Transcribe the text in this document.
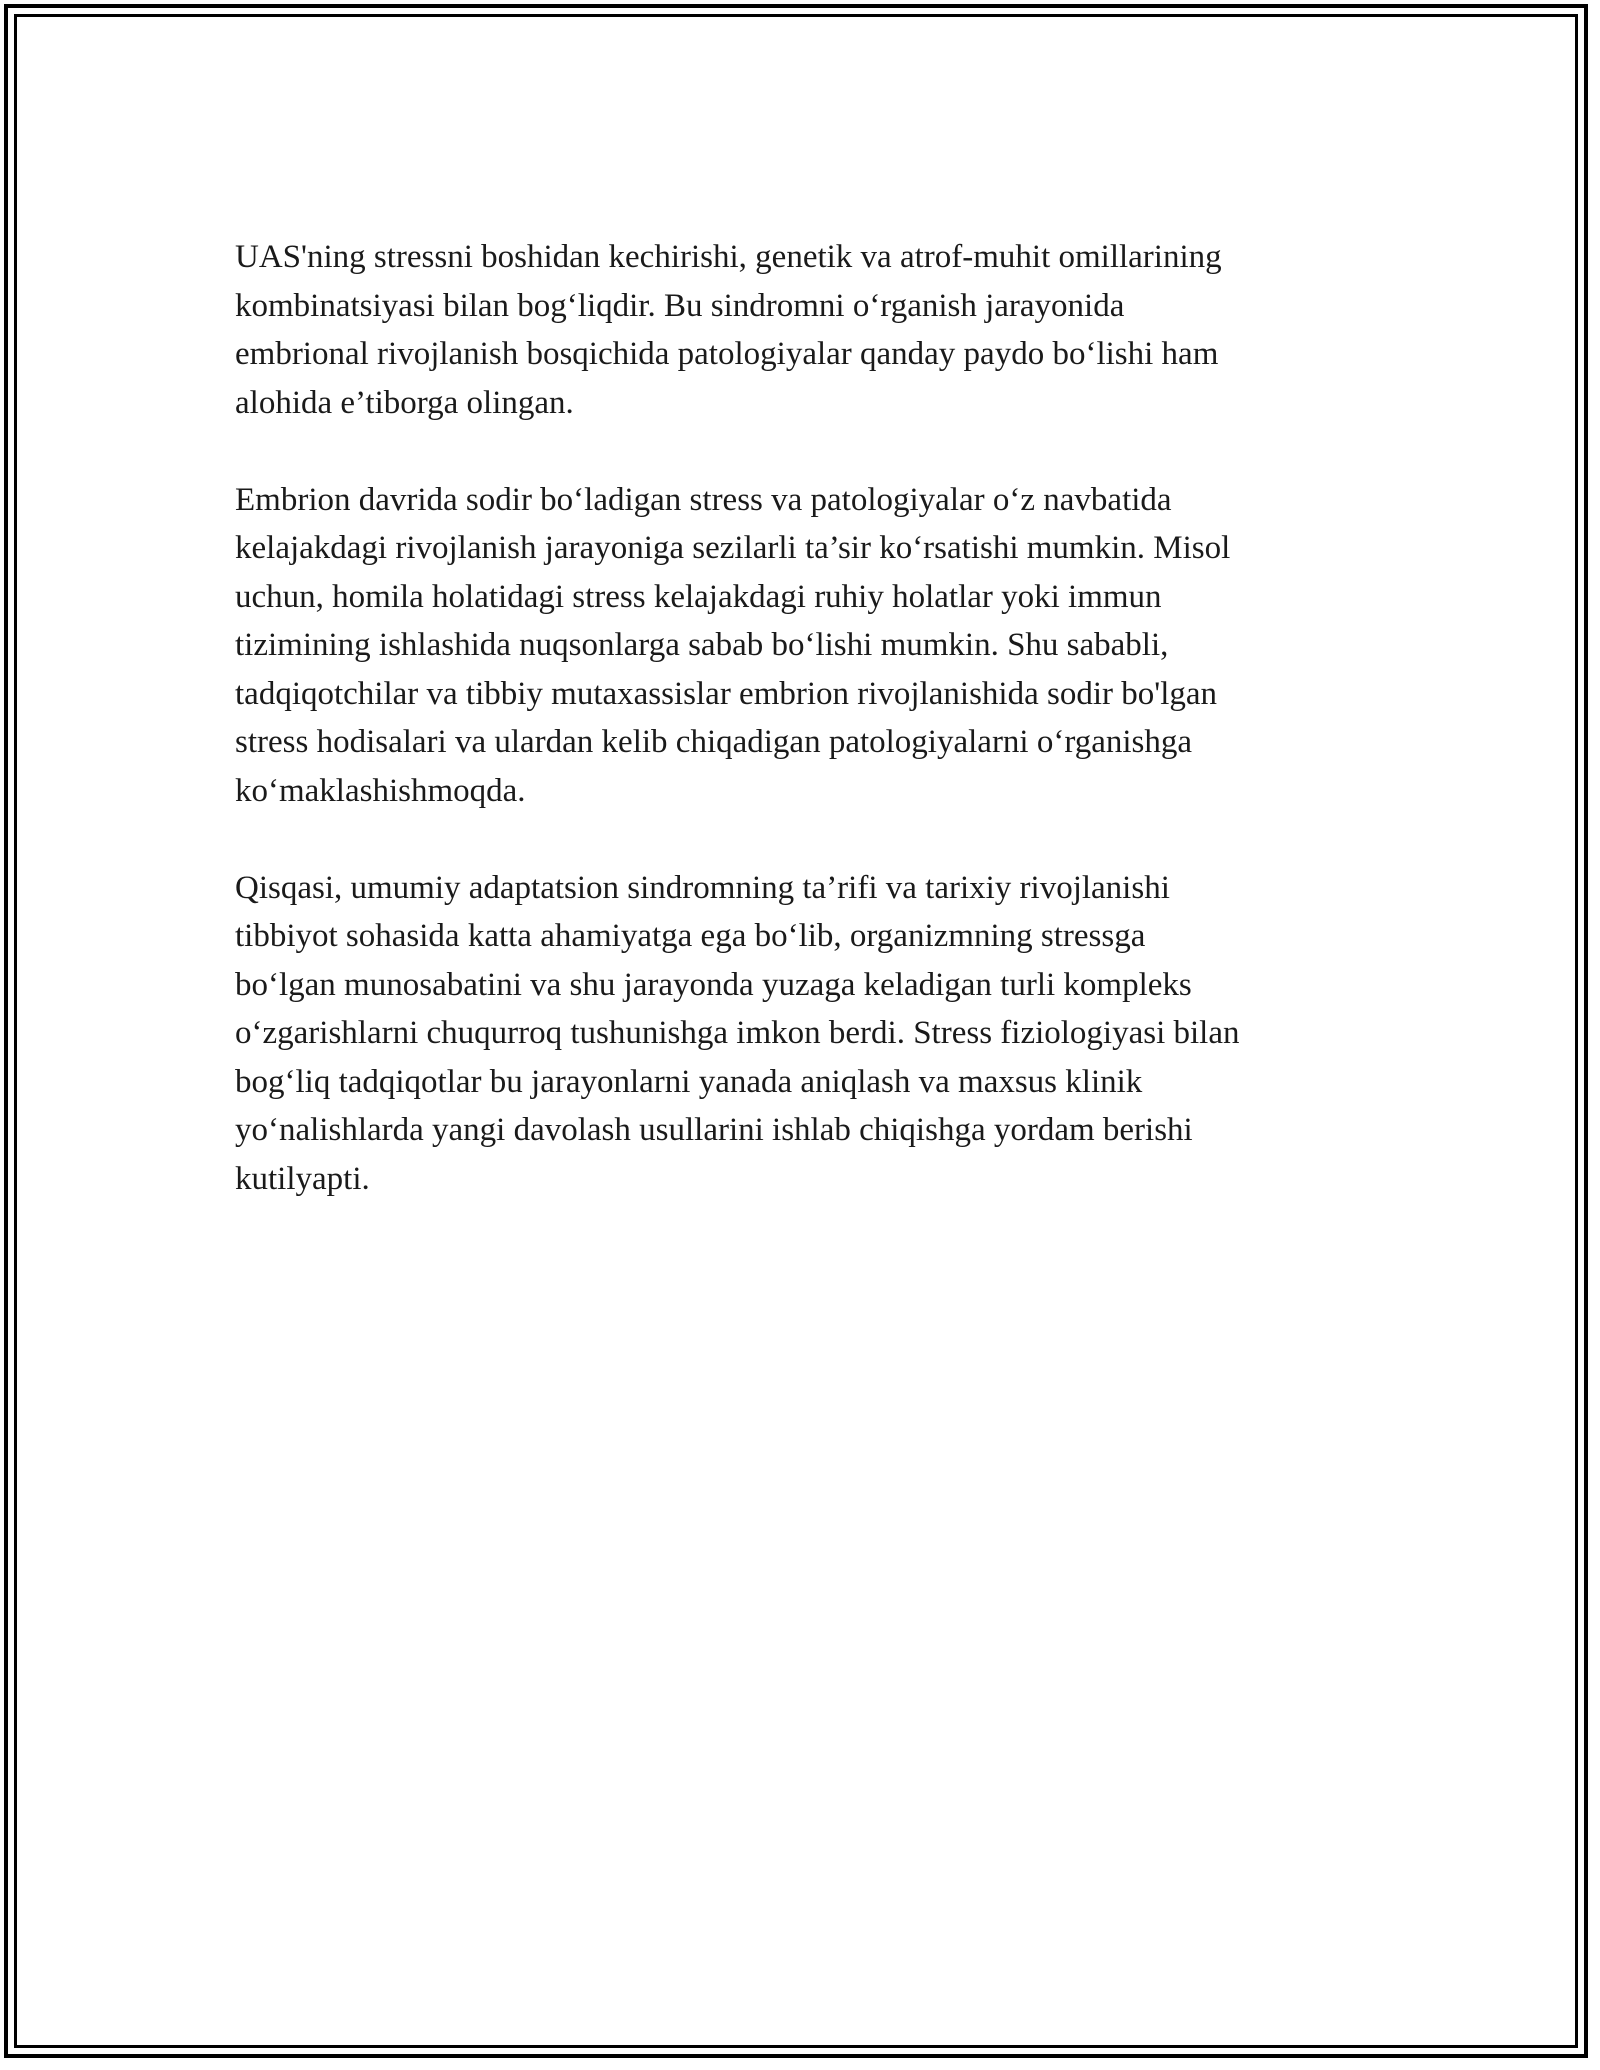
UAS'ning stressni boshidan kechirishi, genetik va atrof-muhit omillarining
kombinatsiyasi bilan bog‘liqdir. Bu sindromni o‘rganish jarayonida
embrional rivojlanish bosqichida patologiyalar qanday paydo bo‘lishi ham
alohida e’tiborga olingan.

Embrion davrida sodir bo‘ladigan stress va patologiyalar o‘z navbatida
kelajakdagi rivojlanish jarayoniga sezilarli ta’sir ko‘rsatishi mumkin. Misol
uchun, homila holatidagi stress kelajakdagi ruhiy holatlar yoki immun
tizimining ishlashida nuqsonlarga sabab bo‘lishi mumkin. Shu sababli,
tadqiqotchilar va tibbiy mutaxassislar embrion rivojlanishida sodir bo'lgan
stress hodisalari va ulardan kelib chiqadigan patologiyalarni o‘rganishga
ko‘maklashishmoqda.

Qisqasi, umumiy adaptatsion sindromning ta’rifi va tarixiy rivojlanishi
tibbiyot sohasida katta ahamiyatga ega bo‘lib, organizmning stressga
bo‘lgan munosabatini va shu jarayonda yuzaga keladigan turli kompleks
o‘zgarishlarni chuqurroq tushunishga imkon berdi. Stress fiziologiyasi bilan
bog‘liq tadqiqotlar bu jarayonlarni yanada aniqlash va maxsus klinik
yo‘nalishlarda yangi davolash usullarini ishlab chiqishga yordam berishi
kutilyapti.
